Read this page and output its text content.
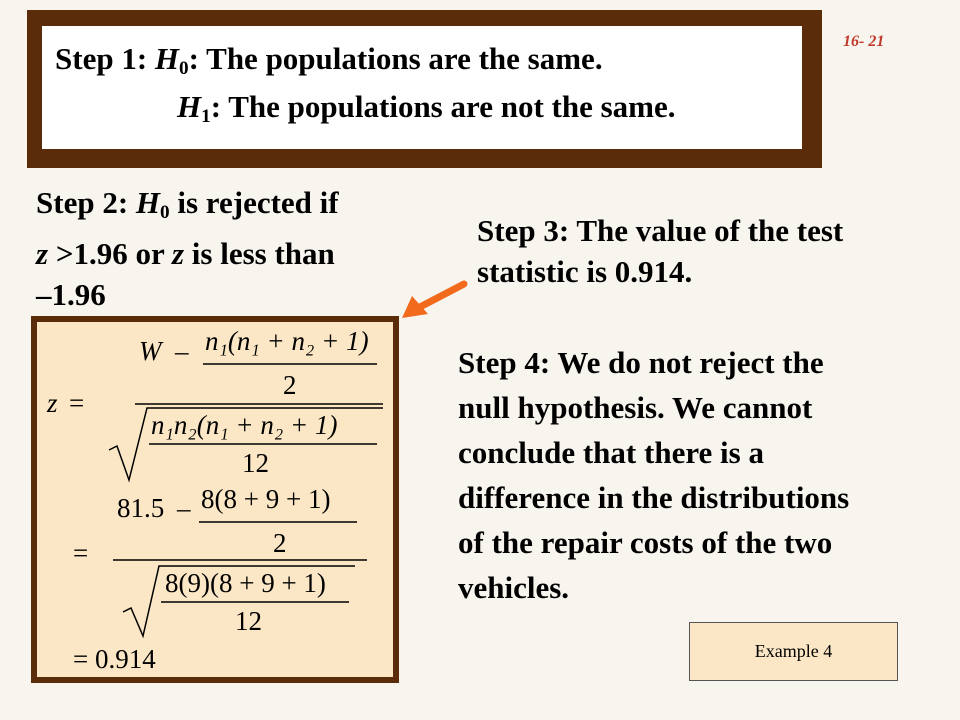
16- 21
Step 1: $H_0$: The populations are the same.
$H_1$: The populations are not the same.
Step 2: $H_0$ is rejected if
z >1.96 or z is less than
–1.96
Step 3: The value of the test statistic is 0.914.
z =
W – n₁(n₁ + n₂ + 1)
2
n₁n₂(n₁ + n₂ + 1)
12
=
81.5 – 8(8 + 9 + 1)
2
8(9)(8 + 9 + 1)
12
= 0.914
Step 4: We do not reject the null hypothesis. We cannot conclude that there is a difference in the distributions of the repair costs of the two vehicles.
Example 4
